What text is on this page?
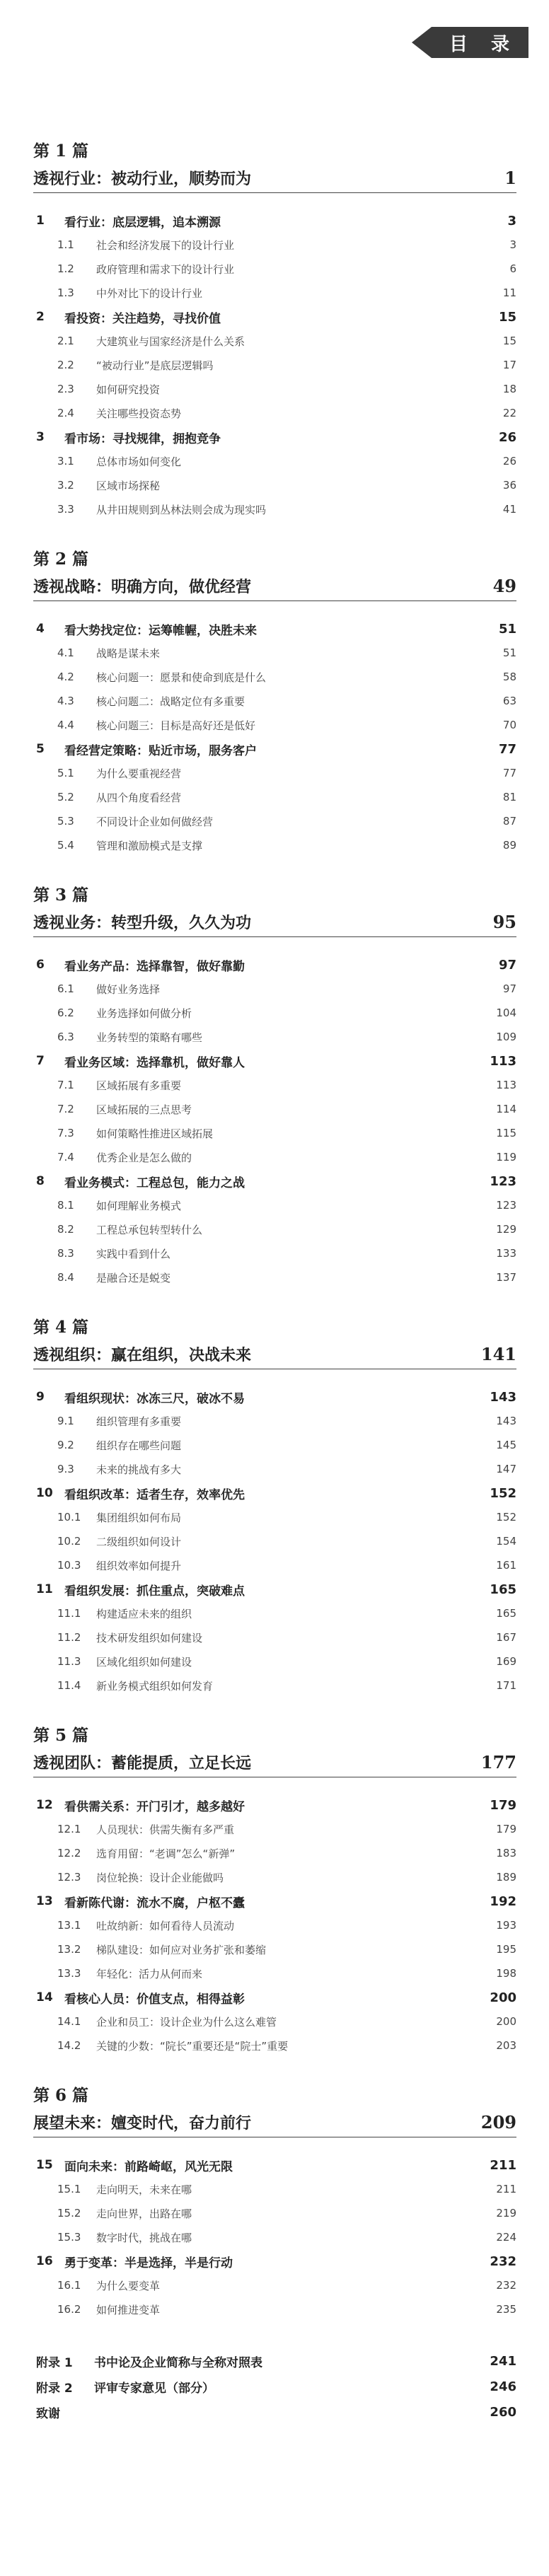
目 录
第 1 篇
透视行业：被动行业，顺势而为	1
1	看行业：底层逻辑，追本溯源	3
1.1	社会和经济发展下的设计行业	3
1.2	政府管理和需求下的设计行业	6
1.3	中外对比下的设计行业	11
2	看投资：关注趋势，寻找价值	15
2.1	大建筑业与国家经济是什么关系	15
2.2	“被动行业”是底层逻辑吗	17
2.3	如何研究投资	18
2.4	关注哪些投资态势	22
3	看市场：寻找规律，拥抱竞争	26
3.1	总体市场如何变化	26
3.2	区域市场探秘	36
3.3	从井田规则到丛林法则会成为现实吗	41
第 2 篇
透视战略：明确方向，做优经营	49
4	看大势找定位：运筹帷幄，决胜未来	51
4.1	战略是谋未来	51
4.2	核心问题一：愿景和使命到底是什么	58
4.3	核心问题二：战略定位有多重要	63
4.4	核心问题三：目标是高好还是低好	70
5	看经营定策略：贴近市场，服务客户	77
5.1	为什么要重视经营	77
5.2	从四个角度看经营	81
5.3	不同设计企业如何做经营	87
5.4	管理和激励模式是支撑	89
第 3 篇
透视业务：转型升级，久久为功	95
6	看业务产品：选择靠智，做好靠勤	97
6.1	做好业务选择	97
6.2	业务选择如何做分析	104
6.3	业务转型的策略有哪些	109
7	看业务区域：选择靠机，做好靠人	113
7.1	区域拓展有多重要	113
7.2	区域拓展的三点思考	114
7.3	如何策略性推进区域拓展	115
7.4	优秀企业是怎么做的	119
8	看业务模式：工程总包，能力之战	123
8.1	如何理解业务模式	123
8.2	工程总承包转型转什么	129
8.3	实践中看到什么	133
8.4	是融合还是蜕变	137
第 4 篇
透视组织：赢在组织，决战未来	141
9	看组织现状：冰冻三尺，破冰不易	143
9.1	组织管理有多重要	143
9.2	组织存在哪些问题	145
9.3	未来的挑战有多大	147
10 看组织改革：适者生存，效率优先	152
10.1	集团组织如何布局	152
10.2	二级组织如何设计	154
10.3	组织效率如何提升	161
11 看组织发展：抓住重点，突破难点	165
11.1	构建适应未来的组织	165
11.2	技术研发组织如何建设	167
11.3	区域化组织如何建设	169
11.4	新业务模式组织如何发育	171
第 5 篇
透视团队：蓄能提质，立足长远	177
12 看供需关系：开门引才，越多越好	179
12.1	人员现状：供需失衡有多严重	179
12.2	选育用留：“老调”怎么“新弹”	183
12.3	岗位轮换：设计企业能做吗	189
13 看新陈代谢：流水不腐，户枢不蠹	192
13.1	吐故纳新：如何看待人员流动	193
13.2	梯队建设：如何应对业务扩张和萎缩	195
13.3	年轻化：活力从何而来	198
14 看核心人员：价值支点，相得益彰	200
14.1	企业和员工：设计企业为什么这么难管	200
14.2	关键的少数：“院长”重要还是“院士”重要	203
第 6 篇
展望未来：嬗变时代，奋力前行	209
15 面向未来：前路崎岖，风光无限	211
15.1	走向明天，未来在哪	211
15.2	走向世界，出路在哪	219
15.3	数字时代，挑战在哪	224
16 勇于变革：半是选择，半是行动	232
16.1	为什么要变革	232
16.2	如何推进变革	235
附录 1	书中论及企业简称与全称对照表	241
附录 2	评审专家意见（部分）	246
致谢	260
